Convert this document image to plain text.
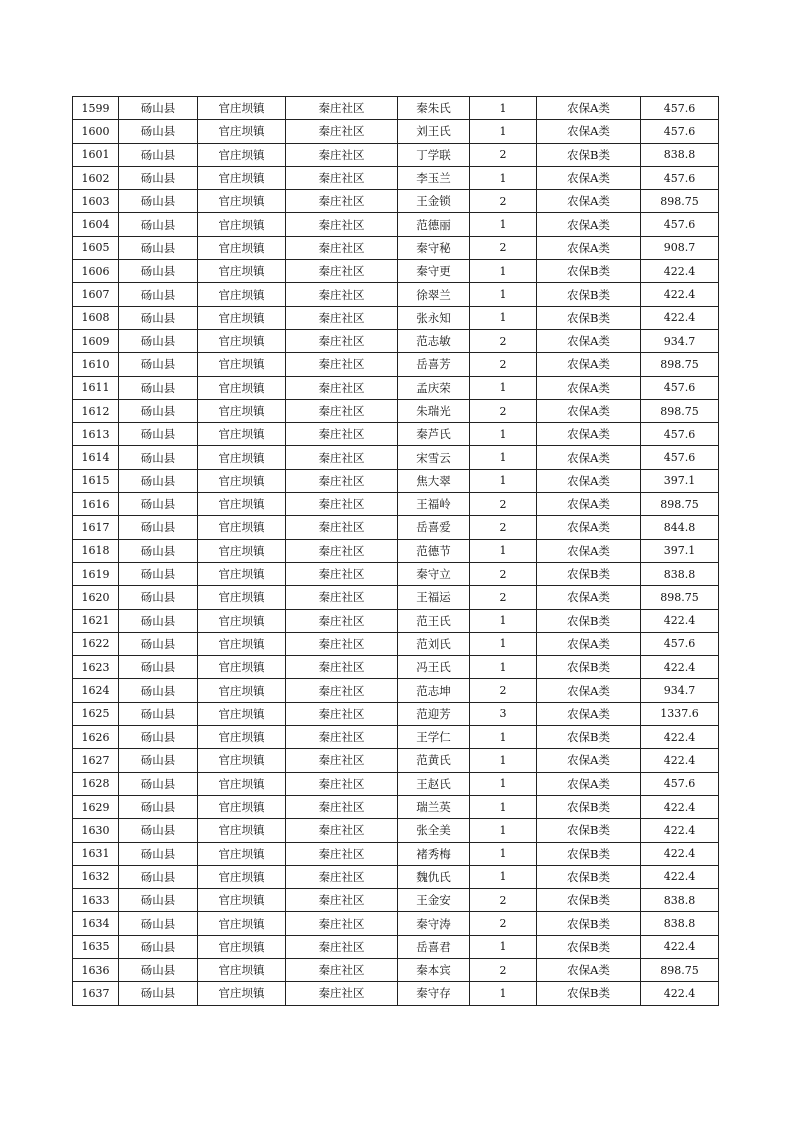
1599	砀山县	官庄坝镇	秦庄社区	秦朱氏	1	农保A类	457.6
1600	砀山县	官庄坝镇	秦庄社区	刘王氏	1	农保A类	457.6
1601	砀山县	官庄坝镇	秦庄社区	丁学联	2	农保B类	838.8
1602	砀山县	官庄坝镇	秦庄社区	李玉兰	1	农保A类	457.6
1603	砀山县	官庄坝镇	秦庄社区	王金锁	2	农保A类	898.75
1604	砀山县	官庄坝镇	秦庄社区	范德丽	1	农保A类	457.6
1605	砀山县	官庄坝镇	秦庄社区	秦守秘	2	农保A类	908.7
1606	砀山县	官庄坝镇	秦庄社区	秦守更	1	农保B类	422.4
1607	砀山县	官庄坝镇	秦庄社区	徐翠兰	1	农保B类	422.4
1608	砀山县	官庄坝镇	秦庄社区	张永知	1	农保B类	422.4
1609	砀山县	官庄坝镇	秦庄社区	范志敏	2	农保A类	934.7
1610	砀山县	官庄坝镇	秦庄社区	岳喜芳	2	农保A类	898.75
1611	砀山县	官庄坝镇	秦庄社区	孟庆荣	1	农保A类	457.6
1612	砀山县	官庄坝镇	秦庄社区	朱瑞光	2	农保A类	898.75
1613	砀山县	官庄坝镇	秦庄社区	秦芦氏	1	农保A类	457.6
1614	砀山县	官庄坝镇	秦庄社区	宋雪云	1	农保A类	457.6
1615	砀山县	官庄坝镇	秦庄社区	焦大翠	1	农保A类	397.1
1616	砀山县	官庄坝镇	秦庄社区	王福岭	2	农保A类	898.75
1617	砀山县	官庄坝镇	秦庄社区	岳喜爱	2	农保A类	844.8
1618	砀山县	官庄坝镇	秦庄社区	范德节	1	农保A类	397.1
1619	砀山县	官庄坝镇	秦庄社区	秦守立	2	农保B类	838.8
1620	砀山县	官庄坝镇	秦庄社区	王福运	2	农保A类	898.75
1621	砀山县	官庄坝镇	秦庄社区	范王氏	1	农保B类	422.4
1622	砀山县	官庄坝镇	秦庄社区	范刘氏	1	农保A类	457.6
1623	砀山县	官庄坝镇	秦庄社区	冯王氏	1	农保B类	422.4
1624	砀山县	官庄坝镇	秦庄社区	范志坤	2	农保A类	934.7
1625	砀山县	官庄坝镇	秦庄社区	范迎芳	3	农保A类	1337.6
1626	砀山县	官庄坝镇	秦庄社区	王学仁	1	农保B类	422.4
1627	砀山县	官庄坝镇	秦庄社区	范黄氏	1	农保A类	422.4
1628	砀山县	官庄坝镇	秦庄社区	王赵氏	1	农保A类	457.6
1629	砀山县	官庄坝镇	秦庄社区	瑞兰英	1	农保B类	422.4
1630	砀山县	官庄坝镇	秦庄社区	张全美	1	农保B类	422.4
1631	砀山县	官庄坝镇	秦庄社区	褚秀梅	1	农保B类	422.4
1632	砀山县	官庄坝镇	秦庄社区	魏仇氏	1	农保B类	422.4
1633	砀山县	官庄坝镇	秦庄社区	王金安	2	农保B类	838.8
1634	砀山县	官庄坝镇	秦庄社区	秦守涛	2	农保B类	838.8
1635	砀山县	官庄坝镇	秦庄社区	岳喜君	1	农保B类	422.4
1636	砀山县	官庄坝镇	秦庄社区	秦本宾	2	农保A类	898.75
1637	砀山县	官庄坝镇	秦庄社区	秦守存	1	农保B类	422.4
